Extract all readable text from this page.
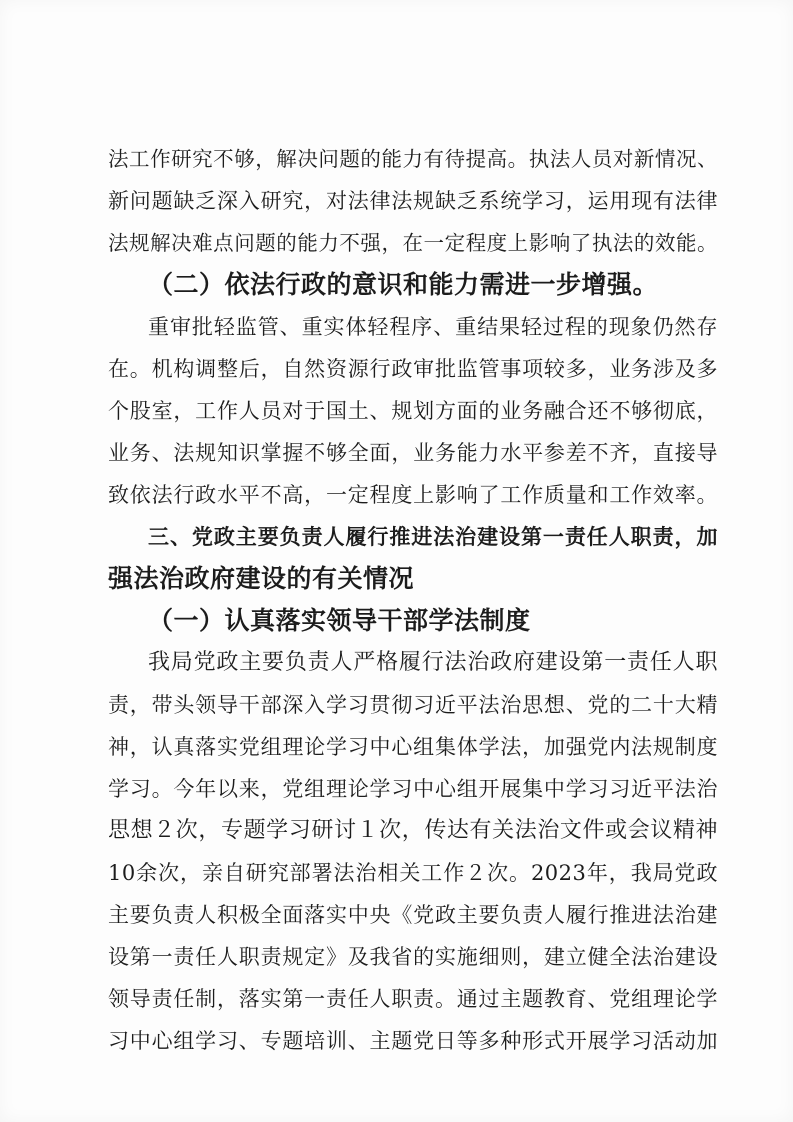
法工作研究不够，解决问题的能力有待提高。执法人员对新情况、
新问题缺乏深入研究，对法律法规缺乏系统学习，运用现有法律
法规解决难点问题的能力不强，在一定程度上影响了执法的效能。
（二）依法行政的意识和能力需进一步增强。
重审批轻监管、重实体轻程序、重结果轻过程的现象仍然存
在。机构调整后，自然资源行政审批监管事项较多，业务涉及多
个股室，工作人员对于国土、规划方面的业务融合还不够彻底，
业务、法规知识掌握不够全面，业务能力水平参差不齐，直接导
致依法行政水平不高，一定程度上影响了工作质量和工作效率。
三、党政主要负责人履行推进法治建设第一责任人职责，加
强法治政府建设的有关情况
（一）认真落实领导干部学法制度
我局党政主要负责人严格履行法治政府建设第一责任人职
责，带头领导干部深入学习贯彻习近平法治思想、党的二十大精
神，认真落实党组理论学习中心组集体学法，加强党内法规制度
学习。今年以来，党组理论学习中心组开展集中学习习近平法治
思想２次，专题学习研讨１次，传达有关法治文件或会议精神
10余次，亲自研究部署法治相关工作２次。2023年，我局党政
主要负责人积极全面落实中央《党政主要负责人履行推进法治建
设第一责任人职责规定》及我省的实施细则，建立健全法治建设
领导责任制，落实第一责任人职责。通过主题教育、党组理论学
习中心组学习、专题培训、主题党日等多种形式开展学习活动加
